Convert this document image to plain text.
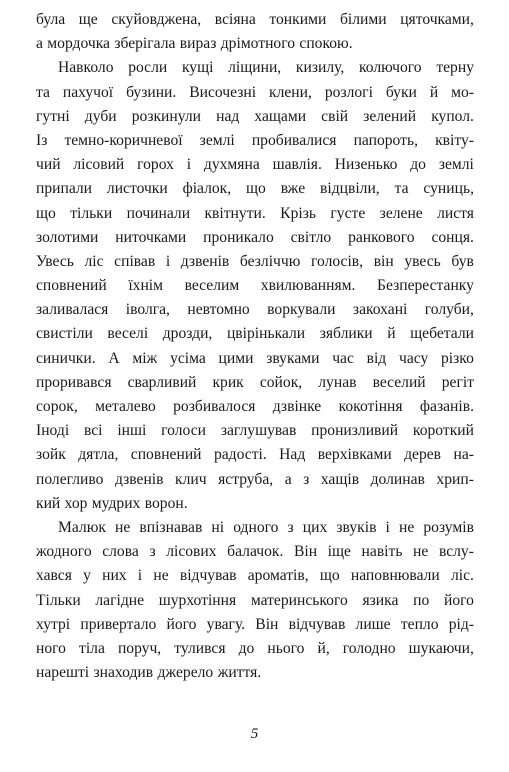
була ще скуйовджена, всіяна тонкими білими цяточками,
а мордочка зберігала вираз дрімотного спокою.
Навколо росли кущі ліщини, кизилу, колючого терну
та пахучої бузини. Височезні клени, розлогі буки й мо-
гутні дуби розкинули над хащами свій зелений купол.
Із темно-коричневої землі пробивалися папороть, квіту-
чий лісовий горох і духмяна шавлія. Низенько до землі
припали листочки фіалок, що вже відцвіли, та суниць,
що тільки починали квітнути. Крізь густе зелене листя
золотими ниточками проникало світло ранкового сонця.
Увесь ліс співав і дзвенів безліччю голосів, він увесь був
сповнений їхнім веселим хвилюванням. Безперестанку
заливалася іволга, невтомно воркували закохані голуби,
свистіли веселі дрозди, цвірінькали зяблики й щебетали
синички. А між усіма цими звуками час від часу різко
проривався сварливий крик сойок, лунав веселий регіт
сорок, металево розбивалося дзвінке кокотіння фазанів.
Іноді всі інші голоси заглушував пронизливий короткий
зойк дятла, сповнений радості. Над верхівками дерев на-
полегливо дзвенів клич яструба, а з хащів долинав хрип-
кий хор мудрих ворон.
Малюк не впізнавав ні одного з цих звуків і не розумів
жодного слова з лісових балачок. Він іще навіть не вслу-
хався у них і не відчував ароматів, що наповнювали ліс.
Тільки лагідне шурхотіння материнського язика по його
хутрі привертало його увагу. Він відчував лише тепло рід-
ного тіла поруч, тулився до нього й, голодно шукаючи,
нарешті знаходив джерело життя.
5
